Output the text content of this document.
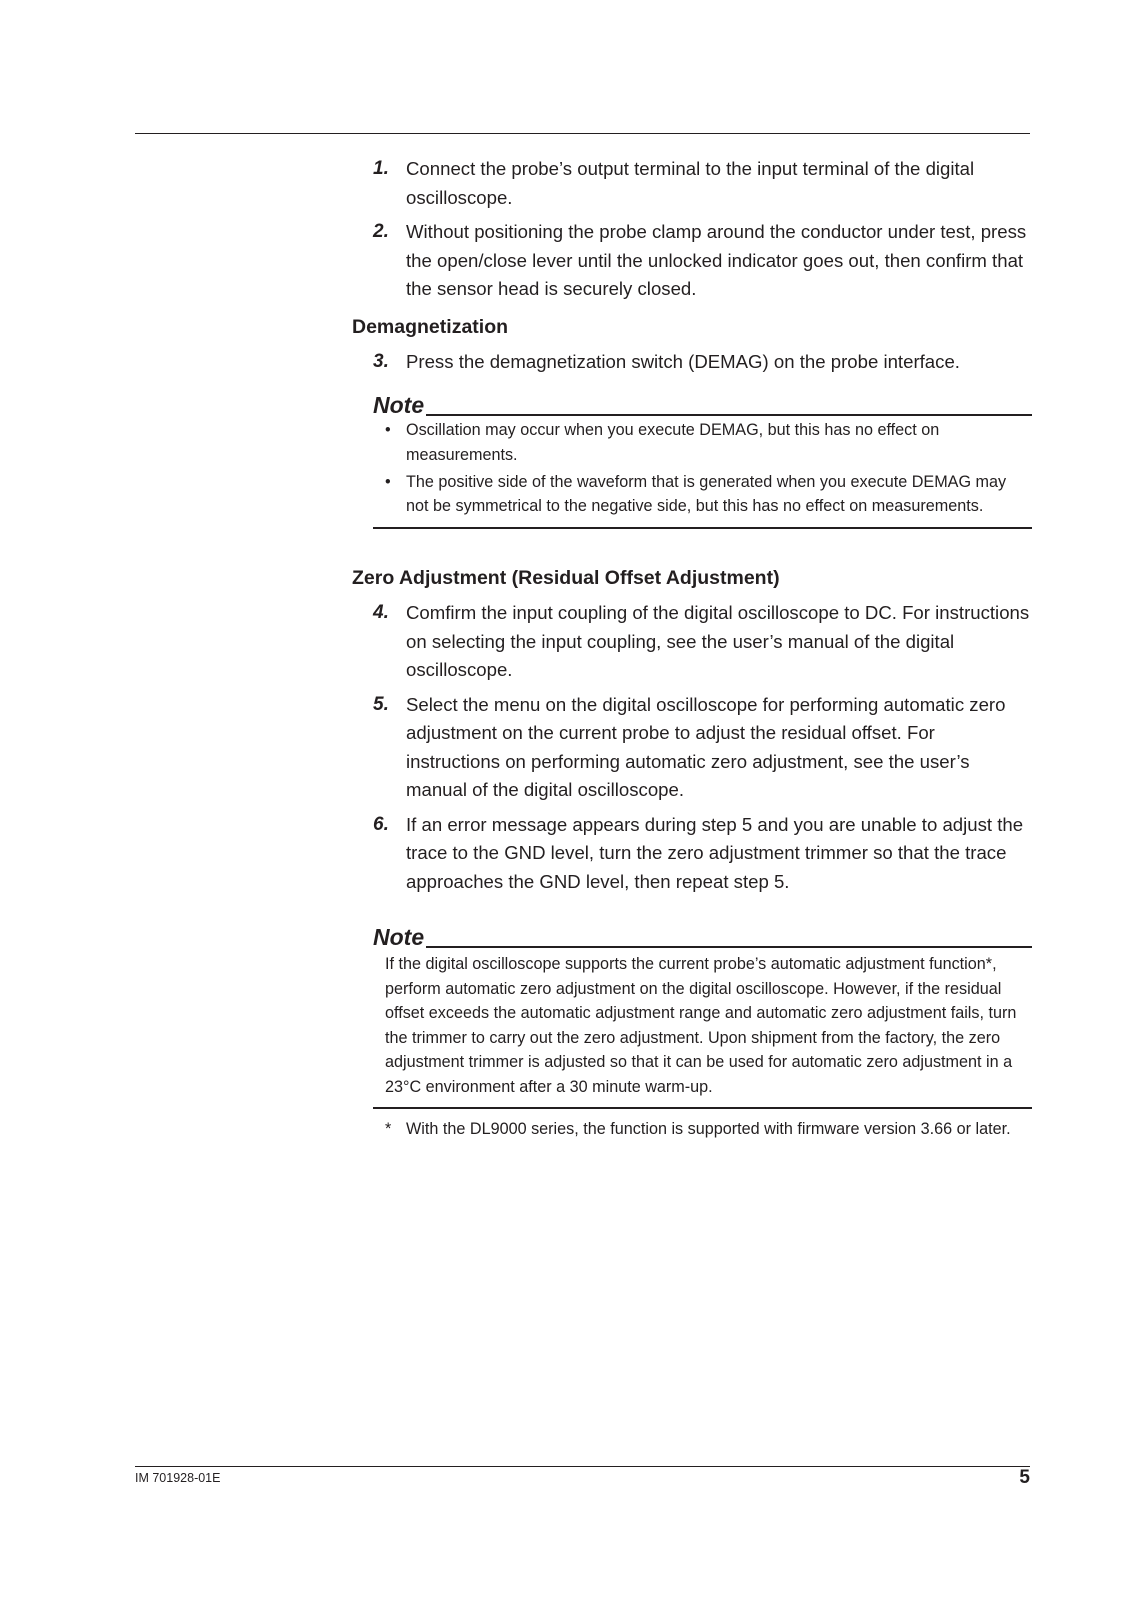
1. Connect the probe’s output terminal to the input terminal of the digital oscilloscope.
2. Without positioning the probe clamp around the conductor under test, press the open/close lever until the unlocked indicator goes out, then confirm that the sensor head is securely closed.
Demagnetization
3. Press the demagnetization switch (DEMAG) on the probe interface.
Note
• Oscillation may occur when you execute DEMAG, but this has no effect on measurements.
• The positive side of the waveform that is generated when you execute DEMAG may not be symmetrical to the negative side, but this has no effect on measurements.
Zero Adjustment (Residual Offset Adjustment)
4. Comfirm the input coupling of the digital oscilloscope to DC. For instructions on selecting the input coupling, see the user’s manual of the digital oscilloscope.
5. Select the menu on the digital oscilloscope for performing automatic zero adjustment on the current probe to adjust the residual offset. For instructions on performing automatic zero adjustment, see the user’s manual of the digital oscilloscope.
6. If an error message appears during step 5 and you are unable to adjust the trace to the GND level, turn the zero adjustment trimmer so that the trace approaches the GND level, then repeat step 5.
Note
If the digital oscilloscope supports the current probe’s automatic adjustment function*, perform automatic zero adjustment on the digital oscilloscope. However, if the residual offset exceeds the automatic adjustment range and automatic zero adjustment fails, turn the trimmer to carry out the zero adjustment. Upon shipment from the factory, the zero adjustment trimmer is adjusted so that it can be used for automatic zero adjustment in a 23°C environment after a 30 minute warm-up.
* With the DL9000 series, the function is supported with firmware version 3.66 or later.
IM 701928-01E	5
